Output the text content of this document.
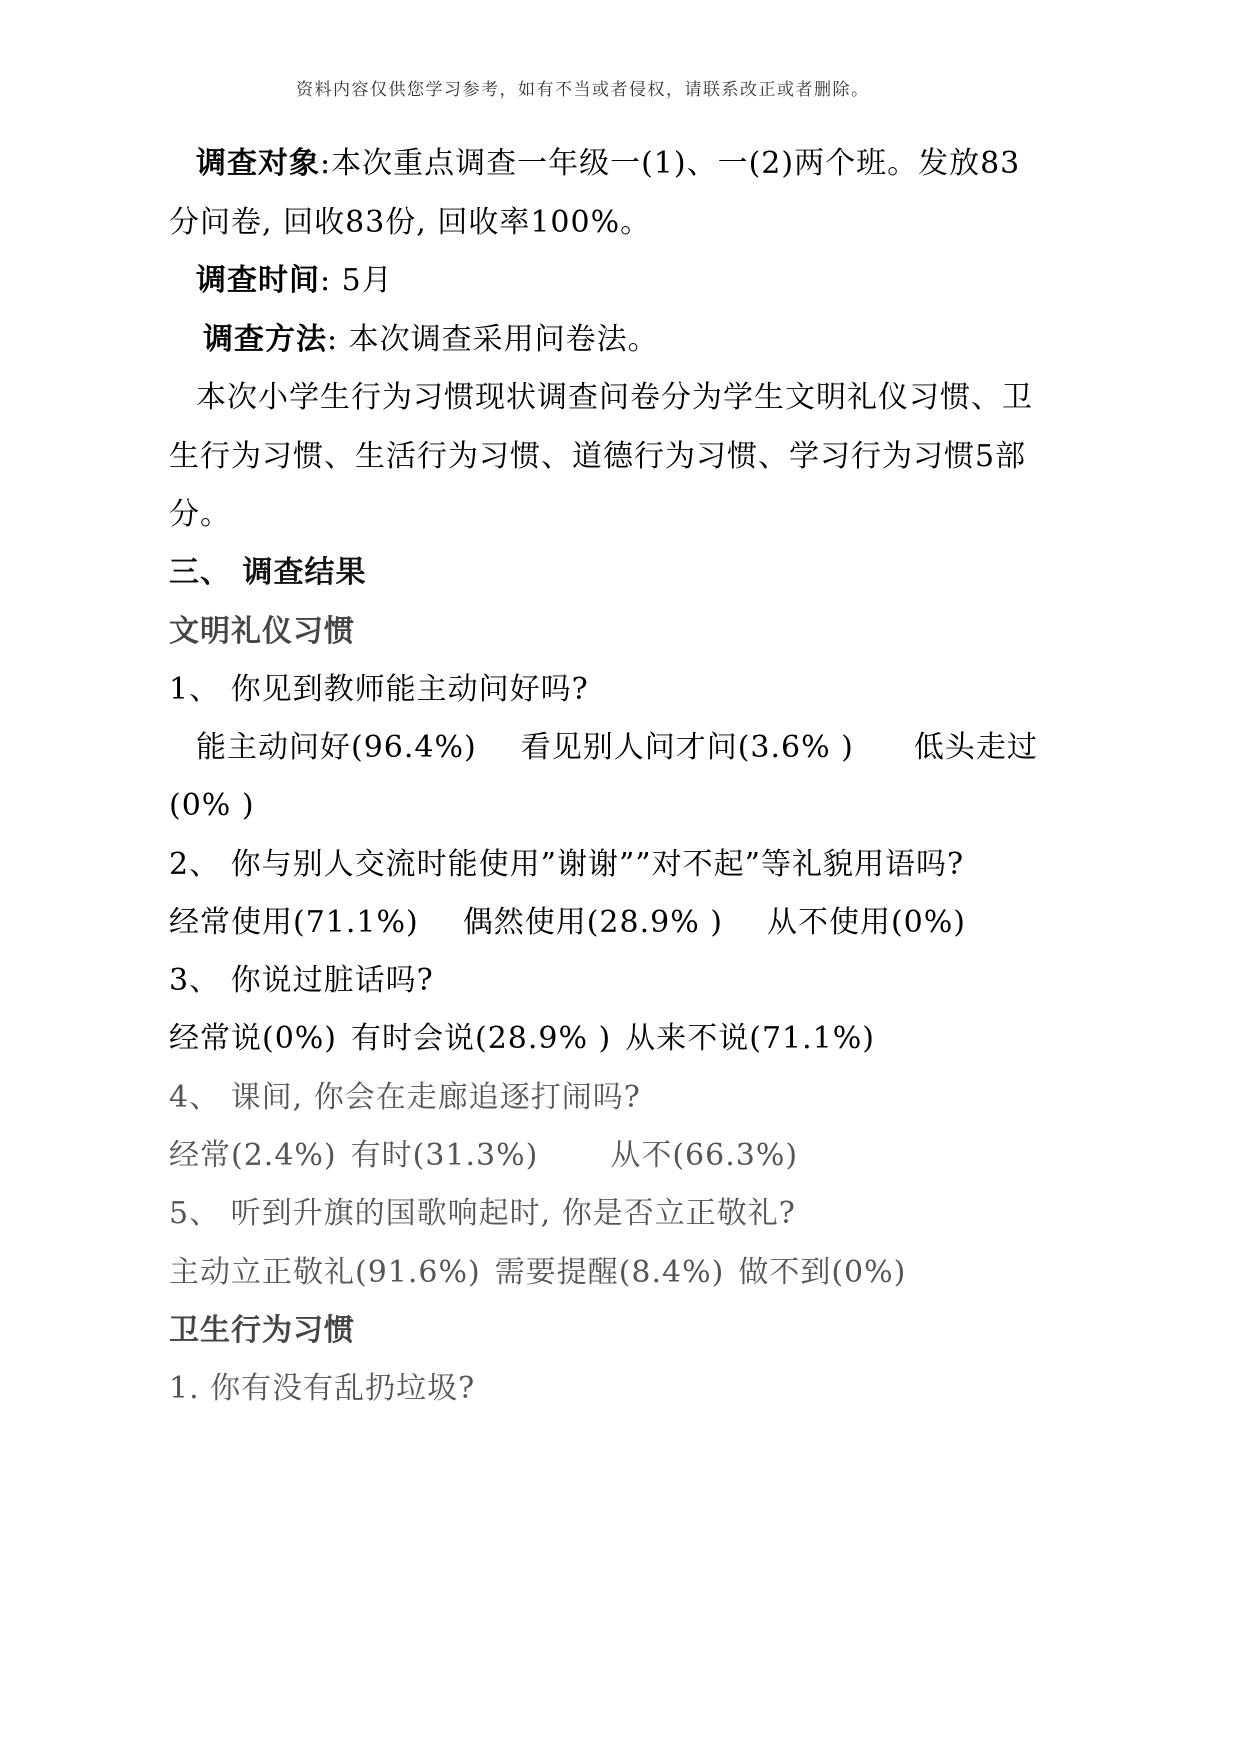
资料内容仅供您学习参考，如有不当或者侵权，请联系改正或者删除。
调查对象:本次重点调查一年级一(1)、一(2)两个班。发放83
分问卷, 回收83份, 回收率100%。
调查时间: 5月
调查方法: 本次调查采用问卷法。
本次小学生行为习惯现状调查问卷分为学生文明礼仪习惯、卫
生行为习惯、生活行为习惯、道德行为习惯、学习行为习惯5部
分。
三、 调查结果
文明礼仪习惯
1、 你见到教师能主动问好吗?
能主动问好(96.4%) 看见别人问才问(3.6% ) 低头走过
(0% )
2、 你与别人交流时能使用”谢谢””对不起”等礼貌用语吗?
经常使用(71.1%) 偶然使用(28.9% ) 从不使用(0%)
3、 你说过脏话吗?
经常说(0%) 有时会说(28.9% ) 从来不说(71.1%)
4、 课间, 你会在走廊追逐打闹吗?
经常(2.4%) 有时(31.3%) 从不(66.3%)
5、 听到升旗的国歌响起时, 你是否立正敬礼?
主动立正敬礼(91.6%) 需要提醒(8.4%) 做不到(0%)
卫生行为习惯
1. 你有没有乱扔垃圾?
